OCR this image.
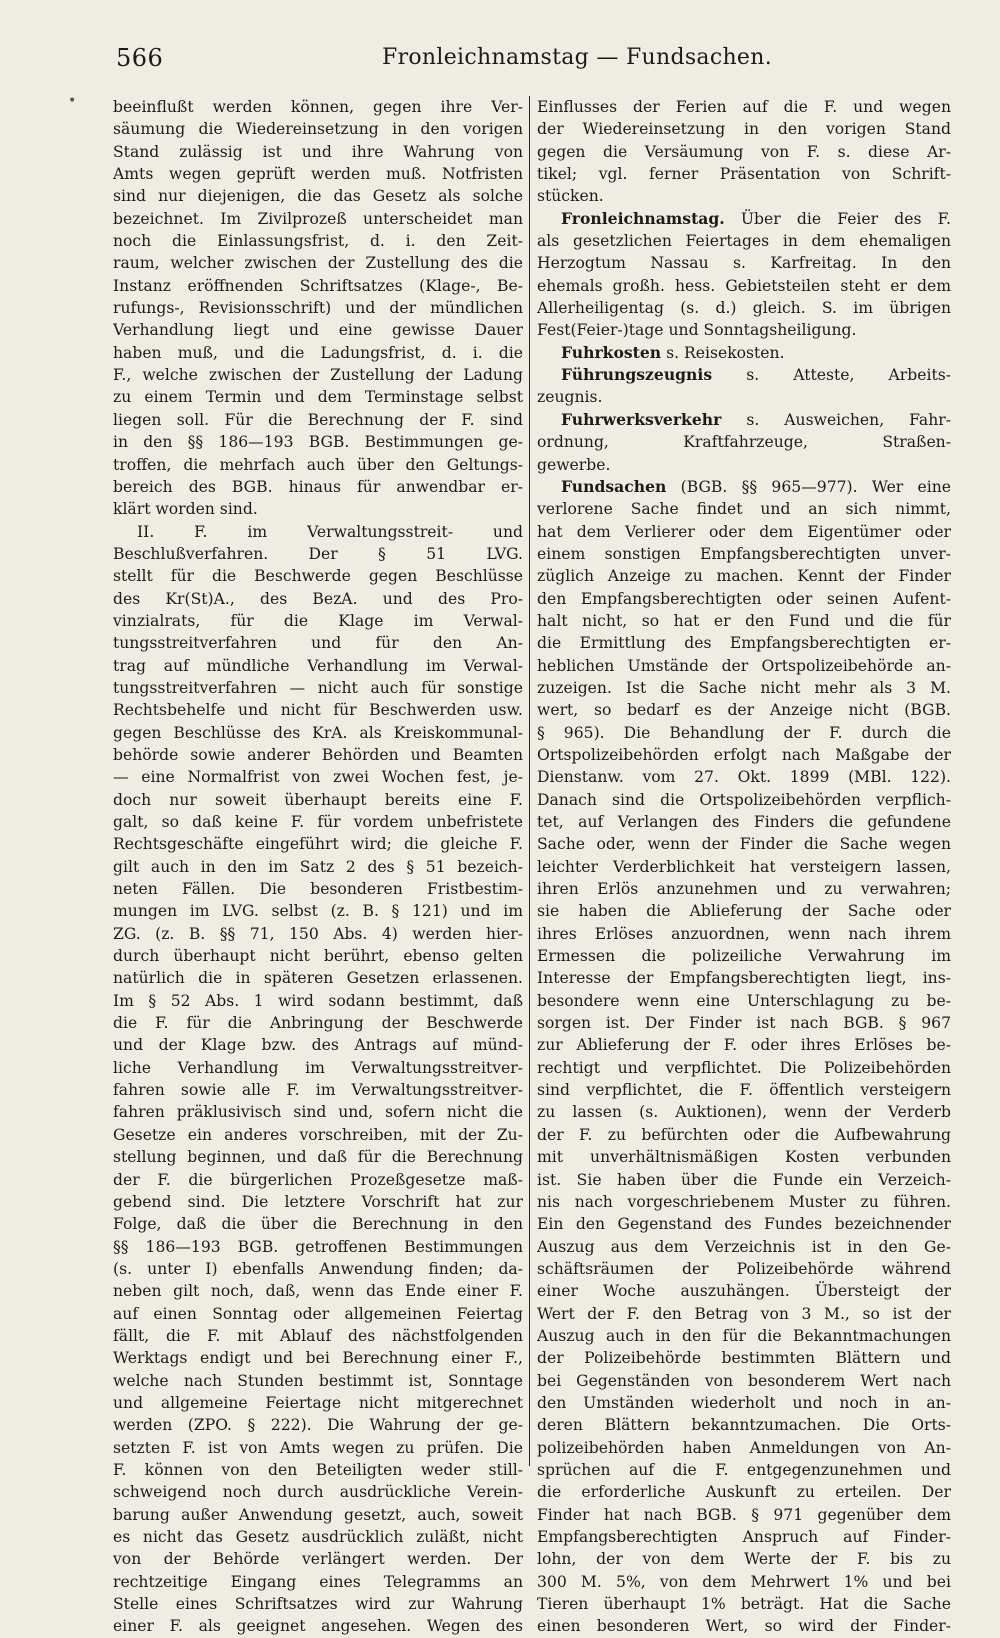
566	Fronleichnamstag — Fundsachen.
• beeinflußt werden können, gegen ihre Ver-
säumung die Wiedereinsetzung in den vorigen
Stand zulässig ist und ihre Wahrung von
Amts wegen geprüft werden muß. Notfristen
sind nur diejenigen, die das Gesetz als solche
bezeichnet. Im Zivilprozeß unterscheidet man
noch die Einlassungsfrist, d. i. den Zeit-
raum, welcher zwischen der Zustellung des die
Instanz eröffnenden Schriftsatzes (Klage-, Be-
rufungs-, Revisionsschrift) und der mündlichen
Verhandlung liegt und eine gewisse Dauer
haben muß, und die Ladungsfrist, d. i. die
F., welche zwischen der Zustellung der Ladung
zu einem Termin und dem Terminstage selbst
liegen soll. Für die Berechnung der F. sind
in den §§ 186—193 BGB. Bestimmungen ge-
troffen, die mehrfach auch über den Geltungs-
bereich des BGB. hinaus für anwendbar er-
klärt worden sind.
II. F. im Verwaltungsstreit- und
Beschlußverfahren. Der § 51 LVG.
stellt für die Beschwerde gegen Beschlüsse
des Kr(St)A., des BezA. und des Pro-
vinzialrats, für die Klage im Verwal-
tungsstreitverfahren und für den An-
trag auf mündliche Verhandlung im Verwal-
tungsstreitverfahren — nicht auch für sonstige
Rechtsbehelfe und nicht für Beschwerden usw.
gegen Beschlüsse des KrA. als Kreiskommunal-
behörde sowie anderer Behörden und Beamten
— eine Normalfrist von zwei Wochen fest, je-
doch nur soweit überhaupt bereits eine F.
galt, so daß keine F. für vordem unbefristete
Rechtsgeschäfte eingeführt wird; die gleiche F.
gilt auch in den im Satz 2 des § 51 bezeich-
neten Fällen. Die besonderen Fristbestim-
mungen im LVG. selbst (z. B. § 121) und im
ZG. (z. B. §§ 71, 150 Abs. 4) werden hier-
durch überhaupt nicht berührt, ebenso gelten
natürlich die in späteren Gesetzen erlassenen.
Im § 52 Abs. 1 wird sodann bestimmt, daß
die F. für die Anbringung der Beschwerde
und der Klage bzw. des Antrags auf münd-
liche Verhandlung im Verwaltungsstreitver-
fahren sowie alle F. im Verwaltungsstreitver-
fahren präklusivisch sind und, sofern nicht die
Gesetze ein anderes vorschreiben, mit der Zu-
stellung beginnen, und daß für die Berechnung
der F. die bürgerlichen Prozeßgesetze maß-
gebend sind. Die letztere Vorschrift hat zur
Folge, daß die über die Berechnung in den
§§ 186—193 BGB. getroffenen Bestimmungen
(s. unter I) ebenfalls Anwendung finden; da-
neben gilt noch, daß, wenn das Ende einer F.
auf einen Sonntag oder allgemeinen Feiertag
fällt, die F. mit Ablauf des nächstfolgenden
Werktags endigt und bei Berechnung einer F.,
welche nach Stunden bestimmt ist, Sonntage
und allgemeine Feiertage nicht mitgerechnet
werden (ZPO. § 222). Die Wahrung der ge-
setzten F. ist von Amts wegen zu prüfen. Die
F. können von den Beteiligten weder still-
schweigend noch durch ausdrückliche Verein-
barung außer Anwendung gesetzt, auch, soweit
es nicht das Gesetz ausdrücklich zuläßt, nicht
von der Behörde verlängert werden. Der
rechtzeitige Eingang eines Telegramms an
Stelle eines Schriftsatzes wird zur Wahrung
einer F. als geeignet angesehen. Wegen des
Einflusses der Ferien auf die F. und wegen
der Wiedereinsetzung in den vorigen Stand
gegen die Versäumung von F. s. diese Ar-
tikel; vgl. ferner Präsentation von Schrift-
stücken.
Fronleichnamstag. Über die Feier des F.
als gesetzlichen Feiertages in dem ehemaligen
Herzogtum Nassau s. Karfreitag. In den
ehemals großh. hess. Gebietsteilen steht er dem
Allerheiligentag (s. d.) gleich. S. im übrigen
Fest(Feier-)tage und Sonntagsheiligung.
Fuhrkosten s. Reisekosten.
Führungszeugnis s. Atteste, Arbeits-
zeugnis.
Fuhrwerksverkehr s. Ausweichen, Fahr-
ordnung, Kraftfahrzeuge, Straßen-
gewerbe.
Fundsachen (BGB. §§ 965—977). Wer eine
verlorene Sache findet und an sich nimmt,
hat dem Verlierer oder dem Eigentümer oder
einem sonstigen Empfangsberechtigten unver-
züglich Anzeige zu machen. Kennt der Finder
den Empfangsberechtigten oder seinen Aufent-
halt nicht, so hat er den Fund und die für
die Ermittlung des Empfangsberechtigten er-
heblichen Umstände der Ortspolizeibehörde an-
zuzeigen. Ist die Sache nicht mehr als 3 M.
wert, so bedarf es der Anzeige nicht (BGB.
§ 965). Die Behandlung der F. durch die
Ortspolizeibehörden erfolgt nach Maßgabe der
Dienstanw. vom 27. Okt. 1899 (MBl. 122).
Danach sind die Ortspolizeibehörden verpflich-
tet, auf Verlangen des Finders die gefundene
Sache oder, wenn der Finder die Sache wegen
leichter Verderblichkeit hat versteigern lassen,
ihren Erlös anzunehmen und zu verwahren;
sie haben die Ablieferung der Sache oder
ihres Erlöses anzuordnen, wenn nach ihrem
Ermessen die polizeiliche Verwahrung im
Interesse der Empfangsberechtigten liegt, ins-
besondere wenn eine Unterschlagung zu be-
sorgen ist. Der Finder ist nach BGB. § 967
zur Ablieferung der F. oder ihres Erlöses be-
rechtigt und verpflichtet. Die Polizeibehörden
sind verpflichtet, die F. öffentlich versteigern
zu lassen (s. Auktionen), wenn der Verderb
der F. zu befürchten oder die Aufbewahrung
mit unverhältnismäßigen Kosten verbunden
ist. Sie haben über die Funde ein Verzeich-
nis nach vorgeschriebenem Muster zu führen.
Ein den Gegenstand des Fundes bezeichnender
Auszug aus dem Verzeichnis ist in den Ge-
schäftsräumen der Polizeibehörde während
einer Woche auszuhängen. Übersteigt der
Wert der F. den Betrag von 3 M., so ist der
Auszug auch in den für die Bekanntmachungen
der Polizeibehörde bestimmten Blättern und
bei Gegenständen von besonderem Wert nach
den Umständen wiederholt und noch in an-
deren Blättern bekanntzumachen. Die Orts-
polizeibehörden haben Anmeldungen von An-
sprüchen auf die F. entgegenzunehmen und
die erforderliche Auskunft zu erteilen. Der
Finder hat nach BGB. § 971 gegenüber dem
Empfangsberechtigten Anspruch auf Finder-
lohn, der von dem Werte der F. bis zu
300 M. 5%, von dem Mehrwert 1% und bei
Tieren überhaupt 1% beträgt. Hat die Sache
einen besonderen Wert, so wird der Finder-
